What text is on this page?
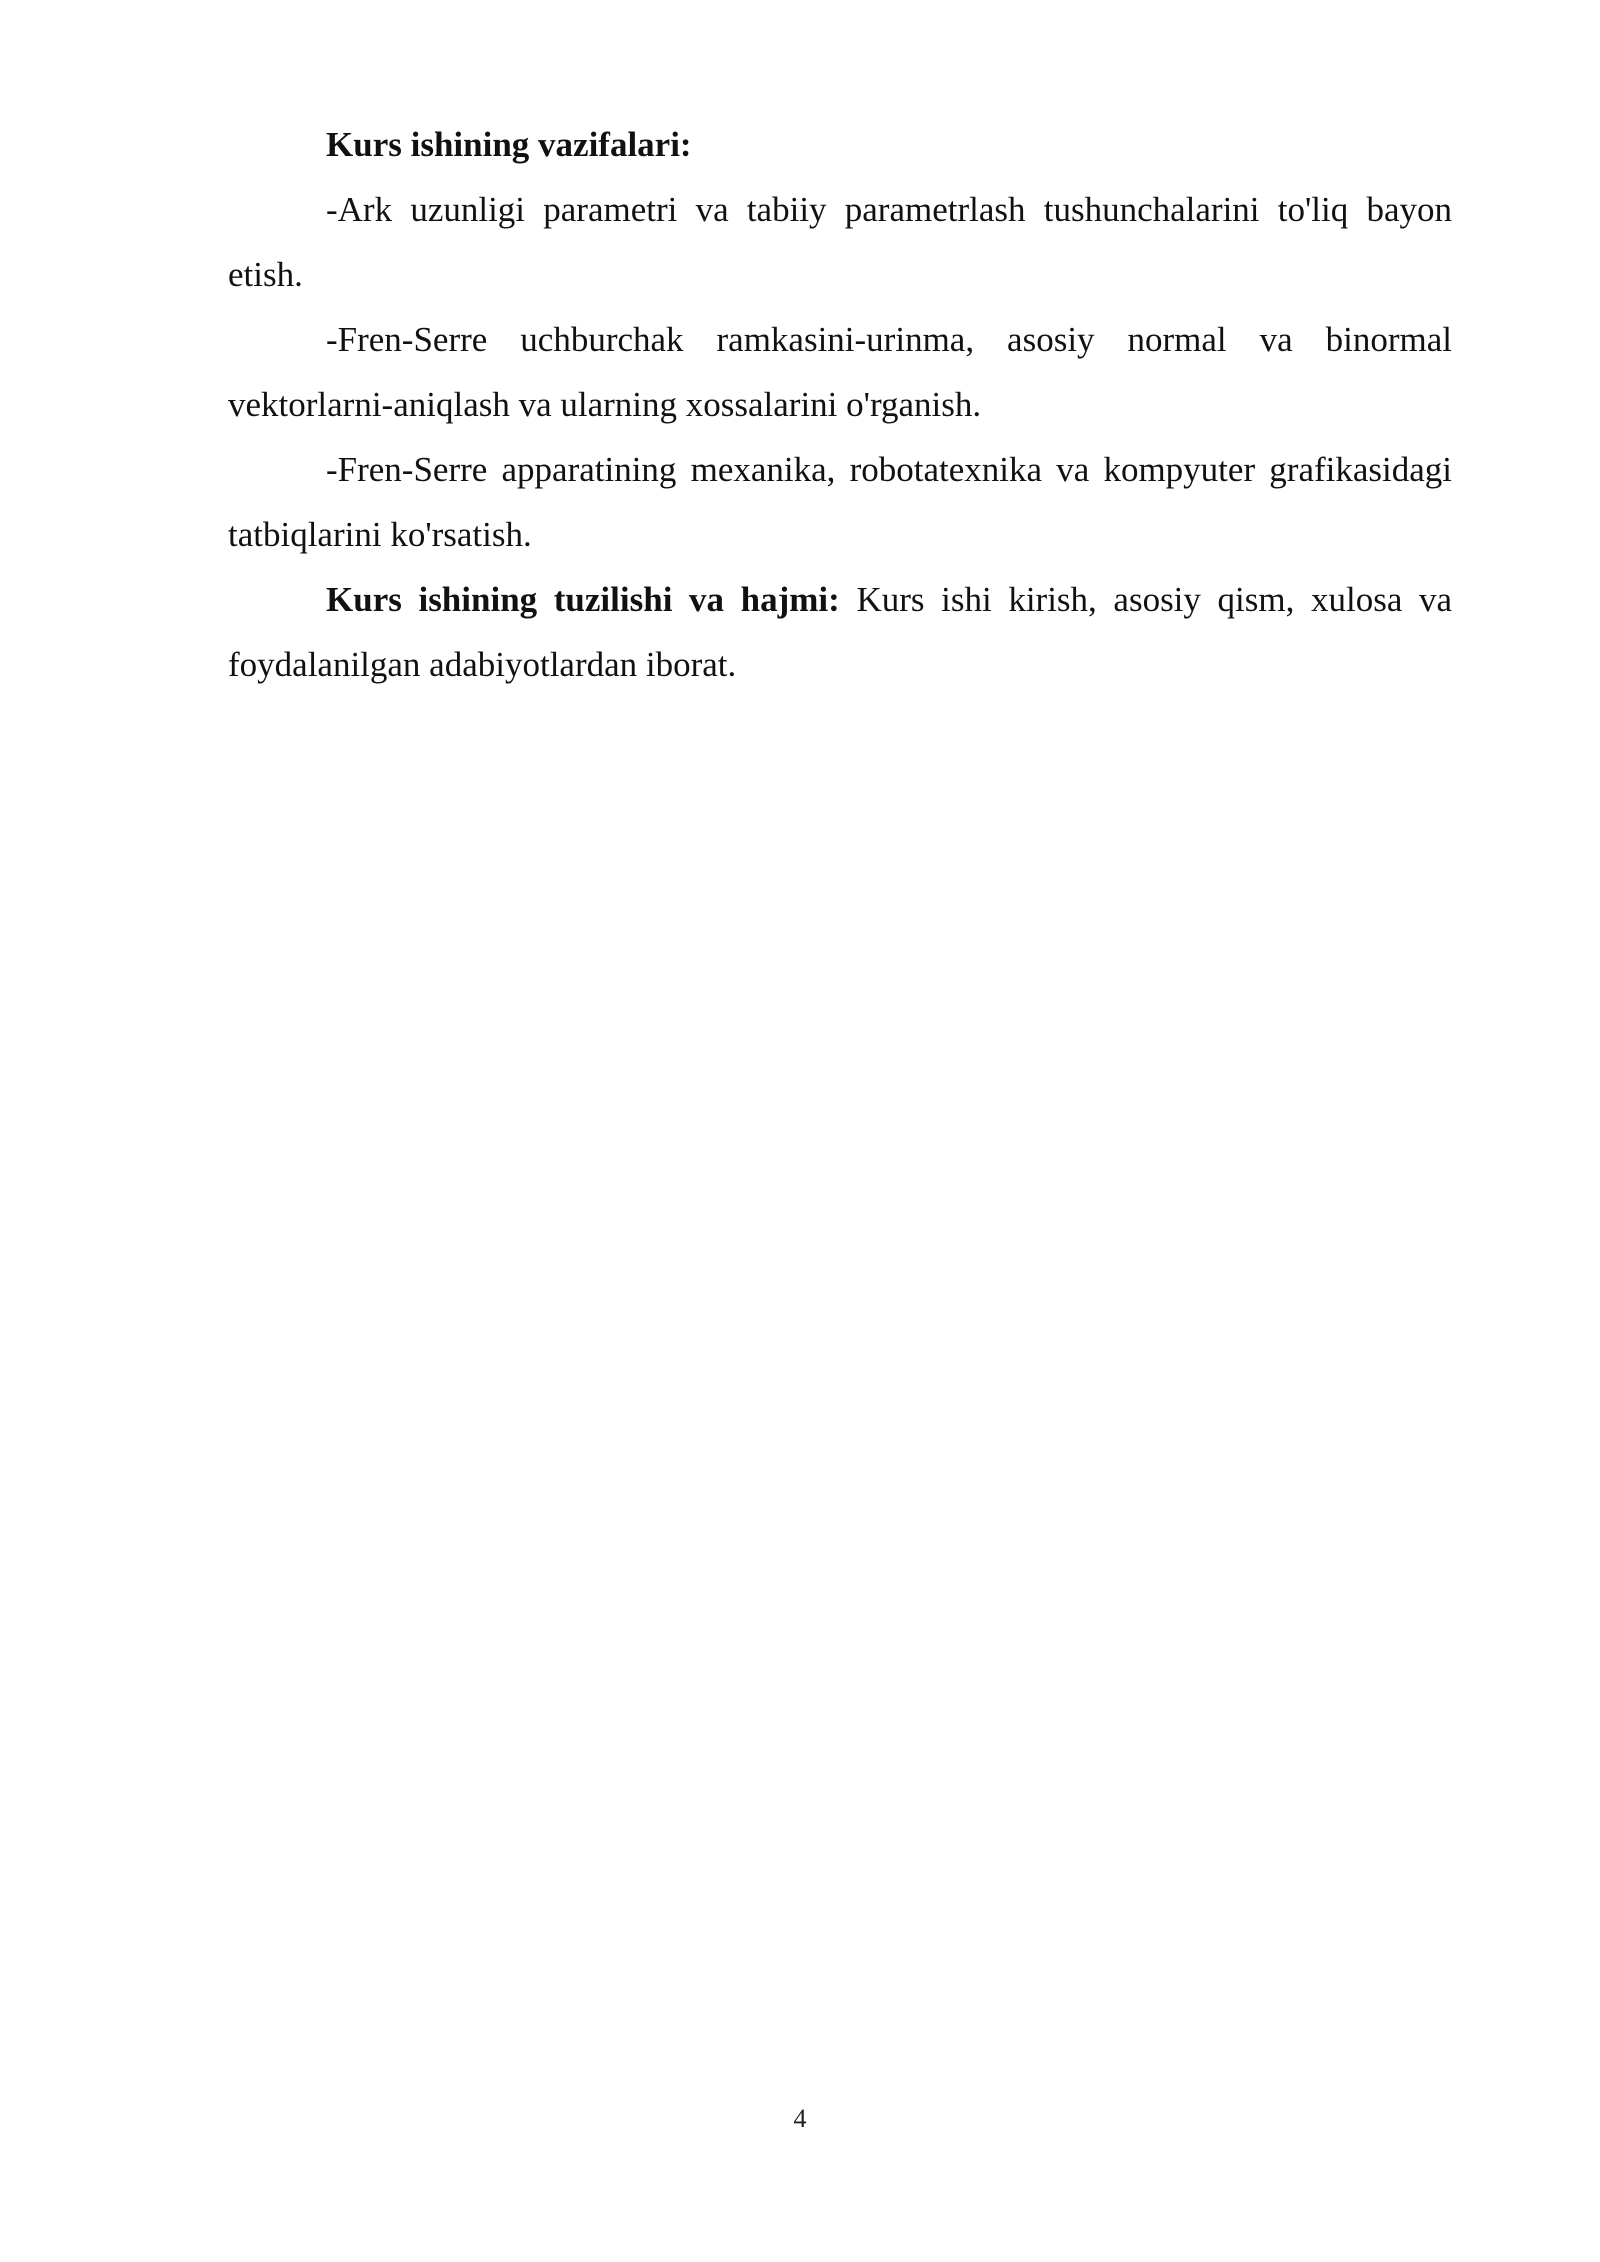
Kurs ishining vazifalari:

-Ark uzunligi parametri va tabiiy parametrlash tushunchalarini to'liq bayon etish.

-Fren-Serre uchburchak ramkasini-urinma, asosiy normal va binormal vektorlarni-aniqlash va ularning xossalarini o'rganish.

-Fren-Serre apparatining mexanika, robotatexnika va kompyuter grafikasidagi tatbiqlarini ko'rsatish.

Kurs ishining tuzilishi va hajmi: Kurs ishi kirish, asosiy qism, xulosa va foydalanilgan adabiyotlardan iborat.

4
